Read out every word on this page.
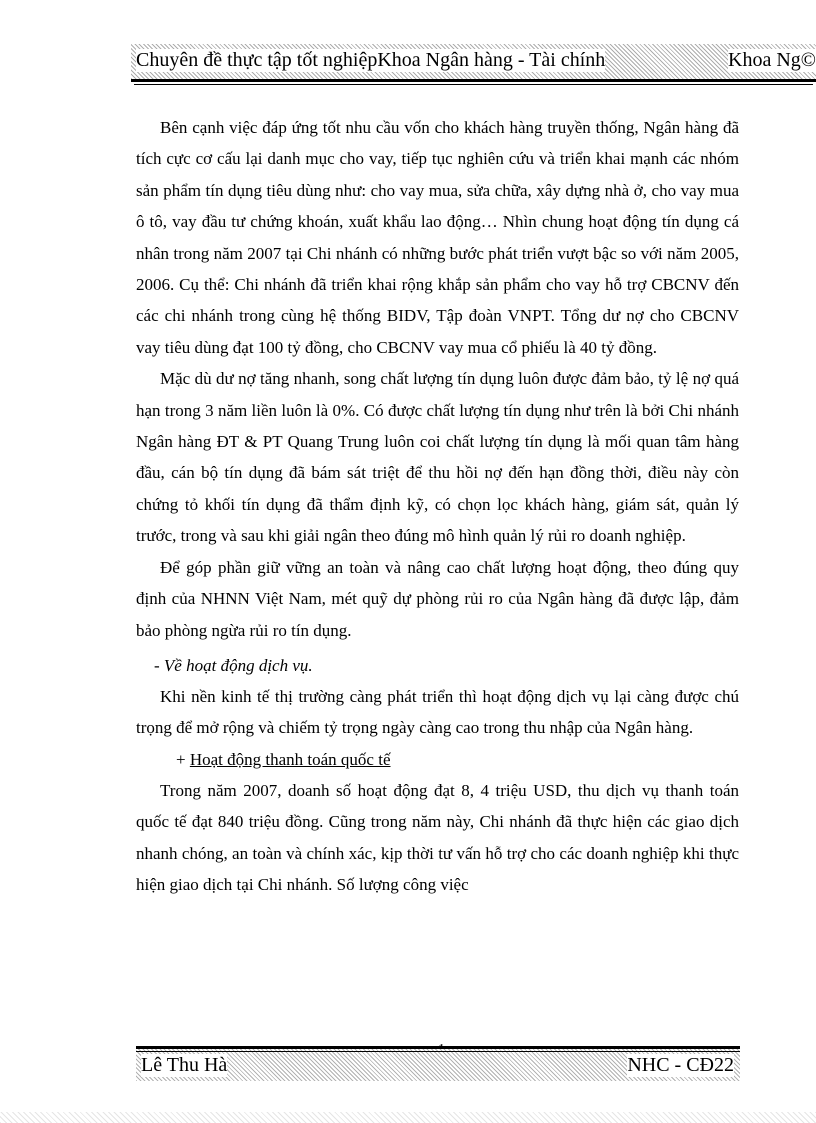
Chuyên đề thực tập tốt nghiệpKhoa Ngân hàng - Tài chính	Khoa Ng©

Bên cạnh việc đáp ứng tốt nhu cầu vốn cho khách hàng truyền thống, Ngân hàng đã tích cực cơ cấu lại danh mục cho vay, tiếp tục nghiên cứu và triển khai mạnh các nhóm sản phẩm tín dụng tiêu dùng như: cho vay mua, sửa chữa, xây dựng nhà ở, cho vay mua ô tô, vay đầu tư chứng khoán, xuất khẩu lao động… Nhìn chung hoạt động tín dụng cá nhân trong năm 2007 tại Chi nhánh có những bước phát triển vượt bậc so với năm 2005, 2006. Cụ thể: Chi nhánh đã triển khai rộng khắp sản phẩm cho vay hỗ trợ CBCNV đến các chi nhánh trong cùng hệ thống BIDV, Tập đoàn VNPT. Tổng dư nợ cho CBCNV vay tiêu dùng đạt 100 tỷ đồng, cho CBCNV vay mua cổ phiếu là 40 tỷ đồng.

Mặc dù dư nợ tăng nhanh, song chất lượng tín dụng luôn được đảm bảo, tỷ lệ nợ quá hạn trong 3 năm liền luôn là 0%. Có được chất lượng tín dụng như trên là bởi Chi nhánh Ngân hàng ĐT & PT Quang Trung luôn coi chất lượng tín dụng là mối quan tâm hàng đầu, cán bộ tín dụng đã bám sát triệt để thu hồi nợ đến hạn đồng thời, điều này còn chứng tỏ khối tín dụng đã thẩm định kỹ, có chọn lọc khách hàng, giám sát, quản lý trước, trong và sau khi giải ngân theo đúng mô hình quản lý rủi ro doanh nghiệp.

Để góp phần giữ vững an toàn và nâng cao chất lượng hoạt động, theo đúng quy định của NHNN Việt Nam, mét quỹ dự phòng rủi ro của Ngân hàng đã được lập, đảm bảo phòng ngừa rủi ro tín dụng.

- Về hoạt động dịch vụ.

Khi nền kinh tế thị trường càng phát triển thì hoạt động dịch vụ lại càng được chú trọng để mở rộng và chiếm tỷ trọng ngày càng cao trong thu nhập của Ngân hàng.

+ Hoạt động thanh toán quốc tế

Trong năm 2007, doanh số hoạt động đạt 8, 4 triệu USD, thu dịch vụ thanh toán quốc tế đạt 840 triệu đồng. Cũng trong năm này, Chi nhánh đã thực hiện các giao dịch nhanh chóng, an toàn và chính xác, kịp thời tư vấn hỗ trợ cho các doanh nghiệp khi thực hiện giao dịch tại Chi nhánh. Số lượng công việc

Lê Thu Hà	NHC - CĐ22
